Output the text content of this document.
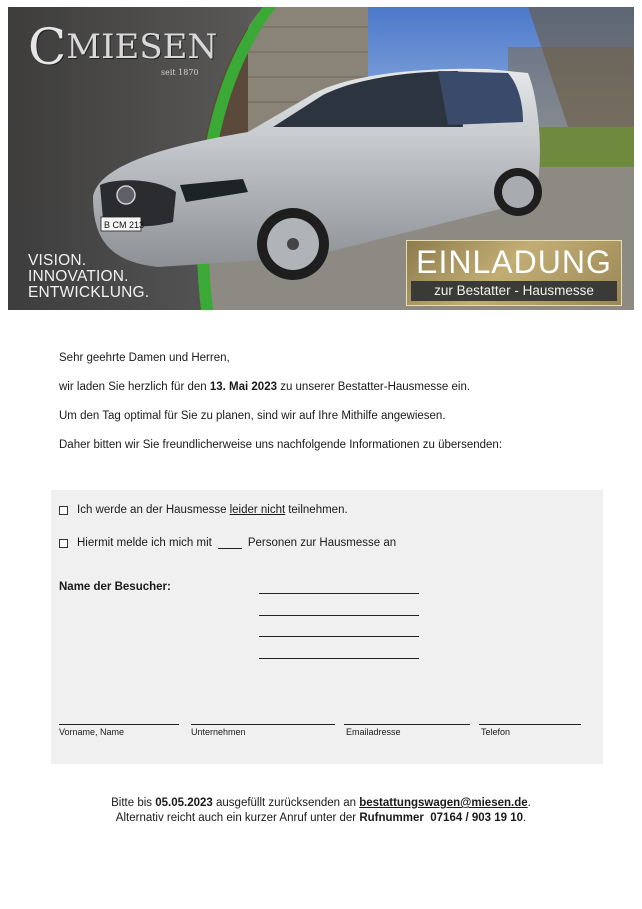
B CM 213
CMIESEN
seit 1870
VISION.
INNOVATION.
ENTWICKLUNG.
EINLADUNG
zur Bestatter - Hausmesse

Sehr geehrte Damen und Herren,

wir laden Sie herzlich für den 13. Mai 2023 zu unserer Bestatter-Hausmesse ein.

Um den Tag optimal für Sie zu planen, sind wir auf Ihre Mithilfe angewiesen.

Daher bitten wir Sie freundlicherweise uns nachfolgende Informationen zu übersenden:

Ich werde an der Hausmesse leider nicht teilnehmen.
Hiermit melde ich mich mit	Personen zur Hausmesse an
Name der Besucher:
Vorname, Name	Unternehmen	Emailadresse	Telefon
Bitte bis 05.05.2023 ausgefüllt zurücksenden an bestattungswagen@miesen.de.
Alternativ reicht auch ein kurzer Anruf unter der Rufnummer  07164 / 903 19 10.
